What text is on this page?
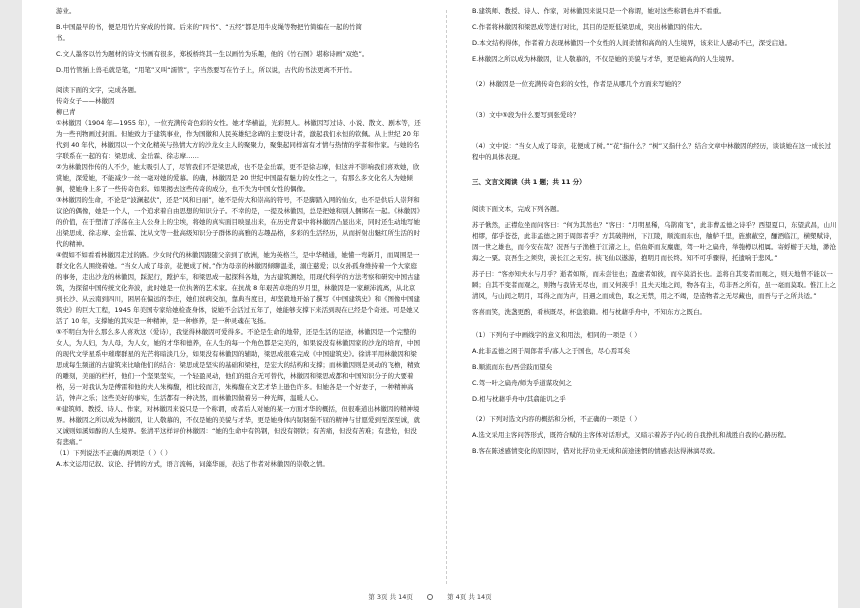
游业。

B.中国最早的书，便是用竹片穿成的竹简。后来的“四书”、“五经”都是用牛皮绳等物把竹简编在一起的竹简

书。

C.文人墨客以竹为题材的诗文书画有很多，郑板桥终其一生以画竹为乐趣，他的《竹石图》堪称诗画“双绝”。

D.用竹管插上兽毛就是笔，“用笔”又叫“濡管”，字当然要写在竹子上，所以说，古代的书法更离不开竹。

阅读下面的文字，完成各题。

传奇女子——林徽因

柳已青

①林徽因（1904 年—1955 年），一位充满传奇色彩的女性。她才华横溢，光彩照人。林徽因写过诗、小说、散文、剧本等，还为一些刊物画过封面。但她致力于建筑事业，作为国徽和人民英雄纪念碑的主要设计者，激起我们永恒的钦佩。从上世纪 20 年代到 40 年代，林徽因以一个文化精英与热情大方的沙龙女主人的聚聚力，聚集起同样富有才情与热情的学者和作家。与她的名字联系在一起的有：梁思成、金岳霖、徐志摩……

②为林徽因作传的人不少，她太吸引人了，尽管我们不是梁思成，也不是金岳霖，更不是徐志摩，但这并不影响我们喜欢她，欣赏她，深爱她，不能减少一丝一毫对她的爱慕。的确，林徽因是 20 世纪中国最有魅力的女性之一，有那么多文化名人为她倾倒，使她身上多了一些传奇色彩。如果揭去这些传奇的成分，也不失为中国女性的偶像。

③林徽因的生命，不论是“波澜起伏”，还是“风和日丽”，她不是传大和崇高的符号，不是脚踏入网的仙女，也不是供后人崇拜和议论的偶像，她是一个人，一个追求着自由思想的知识分子。不幸的是，一提及林徽因，总是把她和别人捆绑在一起。《林徽因》的价值，在于塑清了浮荡在主人公身上的尘埃，将她的真实面目映显出来，在历史背景中将林徽因凸显出来，同时还生动地写她出梁思成、徐志摩、金岳霖、沈从文等一批高级知识分子群体的高雅的志趣品格，多彩的生活经历，从而折射出魅红所生活的时代的精神。

④假如不如看看林徽因走过的路。少女时代的林徽因跟随父亲到了欧洲，她为英格兰，是中华精通，她懂一弯新月，而周围是一群文化名人围绕着她。“当女人成了母亲，花便成了树。”作为母亲的林徽因倾聊温柔，溺庄慈爱；以女孙孤身维持着一个大家庭的事务，走出沙龙的林徽因，踩泥行，蹚护车，和梁思成一起探科各地，为古建筑测绘，用现代科学的方法考察和研究中国古建筑，为探留中国传统文化奔波，此时她是一位执著的艺术家。在抗战 8 年艰苦卓绝的岁月里，林徽因是一家颠沛流离，从北京到长沙、从云南到四川，困居在偏远的李庄，她们贫病交加，靠典当度日，却坚毅地开始了撰写《中国建筑史》和《图像中国建筑史》的巨大工程，1945 年美国专家给她检查身体，说她不会活过五年了，她能够支撑下来活到现在已经是个奇迹。可是她又活了 10 年，支撑她的其实是一种精神，是一种修养，是一种灵魂在飞扬。

⑤不明白为什么那么多人喜欢这（爱诗），我觉得林徽因可爱得多。不论是生命的地带，还是生活的足迹，林徽因是一个完整的女人，为人妇，为人母，为人女，她的才华和德养，在人生的每一个角色都是完美的，如果说没有林徽因家的沙龙的培育，中国的现代文学星系中璀璨群星的光芒将暗淡几分，如果没有林徽因的辅助，梁思成很难完成《中国建筑史》。徐讲平用林徽因和梁思成每生频道的古建筑来比喻他们的结合：梁思成是坚实的基础和梁柱，是宏大的结构和支撑；而林徽因则是灵动的飞檐，精致的雕刻，美丽的栏杆，他们一个坚果坚实，一个轻盈灵动，他们的组合无可替代，林徽因和梁思成都和中国知识分子的大要着格，另一对我认为是傅雷和他的夫人朱梅馥，相比较而言，朱梅馥在文艺才华上逊色许多。但她各是一个好妻子，一种精神高洁，钟声之乐；这些美好的事实，生活都有一种决然，而林徽因做着另一种光辉，温暖人心。

⑥建筑师、教授、诗人、作家，对林徽因来说只是一个称谓，或者后人对她的某一方面才华的概括，但很难道出林徽因的精神境界。林徽因之所以成为林徽因，让人敬慕的，不仅是她的美貌与才华，更是她身体内韧韧强不屈的精神与甘愿爱到至深至诚，就又诚则如溪如醇的人生境界。张清平这样评价林徽因：“她的生命中有钨钢，但没有钢铁；有苦痛，但没有苦难；有悲怆，但没有悲痛。”

（1）下列说法不正确的两项是（ ）（ ）

A.本文运用记叙、议论、抒情的方式，语言流畅，词藻华丽，表达了作者对林徽因的崇敬之情。

B.建筑师、教授、诗人、作家，对林徽因来说只是一个称谓，她对这些称谓也并不看重。

C.作者将林徽因和梁思成等进行对比，其目的是贬低梁思成，突出林徽因的伟大。

D.本文结构得体，作者着力表现林徽因一个女性的人间柔情和高尚的人生境界，该来让人感动不已，深受启迪。

E.林徽因之所以成为林徽因，让人敬慕的，不仅是她的美貌与才华，更是她高尚的人生境界。

（2）林徽因是一位充满传奇色彩的女性，作者是从哪几个方面来写她的？

（3）文中⑤段为什么要写到张爱玲？

（4）文中说：“当女人成了母亲，花便成了树。”“花”指什么？“树”又指什么？结合文章中林徽因的经历，谈谈她在这一成长过程中的具体表现。

三、文言文阅读（共 1 题；共 11 分）

阅读下面文本，完成下列各题。

苏子愀然，正襟危坐而问客曰：“何为其然也？”客曰：“月明星稀，乌鹊南飞”，此非曹孟德之诗乎？西望夏口，东望武昌，山川相缪，郁乎苍苍，此非孟德之困于周郎者乎？方其破荆州，下江陵，顺流而东也，舳舻千里，旌旗蔽空，酾酒临江，横槊赋诗，固一世之雄也，而今安在哉？况吾与子渔樵于江渚之上，侣鱼虾而友麋鹿，驾一叶之扁舟，举匏樽以相属。寄蜉蝣于天地，渺沧海之一粟。哀吾生之须臾，羡长江之无穷。挟飞仙以遨游，抱明月而长终。知不可乎骤得，托遗响于悲风。”

苏子曰：“客亦知夫水与月乎？逝者如斯，而未尝往也；盈虚者如彼，而卒莫消长也。盖将自其变者而观之，则天地曾不能以一瞬；自其不变者而观之，则物与我皆无尽也，而又何羡乎！且夫天地之间，物各有主，苟非吾之所有，虽一毫而莫取。惟江上之清风，与山间之明月，耳得之而为声，目遇之而成色，取之无禁，用之不竭，是造物者之无尽藏也，而吾与子之所共适。”

客喜而笑，洗盏更酌，肴核既尽，杯盘狼籍。相与枕藉乎舟中，不知东方之既白。

（1）下列句子中画线字的意义和用法，相同的一项是（ ）

A.此非孟德之困于周郎者乎/寡人之于国也，尽心焉耳矣

B.顺流而东也/吾尝跂而望矣

C.驾一叶之扁舟/师为乎道谋攻何之

D.相与枕藉乎舟中/其翕能讥之乎

（2）下列对选文内容的概括和分析，不正确的一项是（ ）

A.选文采用主客问答形式，既符合赋的主客体对话形式，又暗示着苏子内心的自我挣扎和战胜自我的心路历程。

B.客在陈述感情变化的原因时，借对比抒功业无成和前途迷惘的情感表达得淋漓尽致。

第 3页 共 14页	第 4页 共 14页
